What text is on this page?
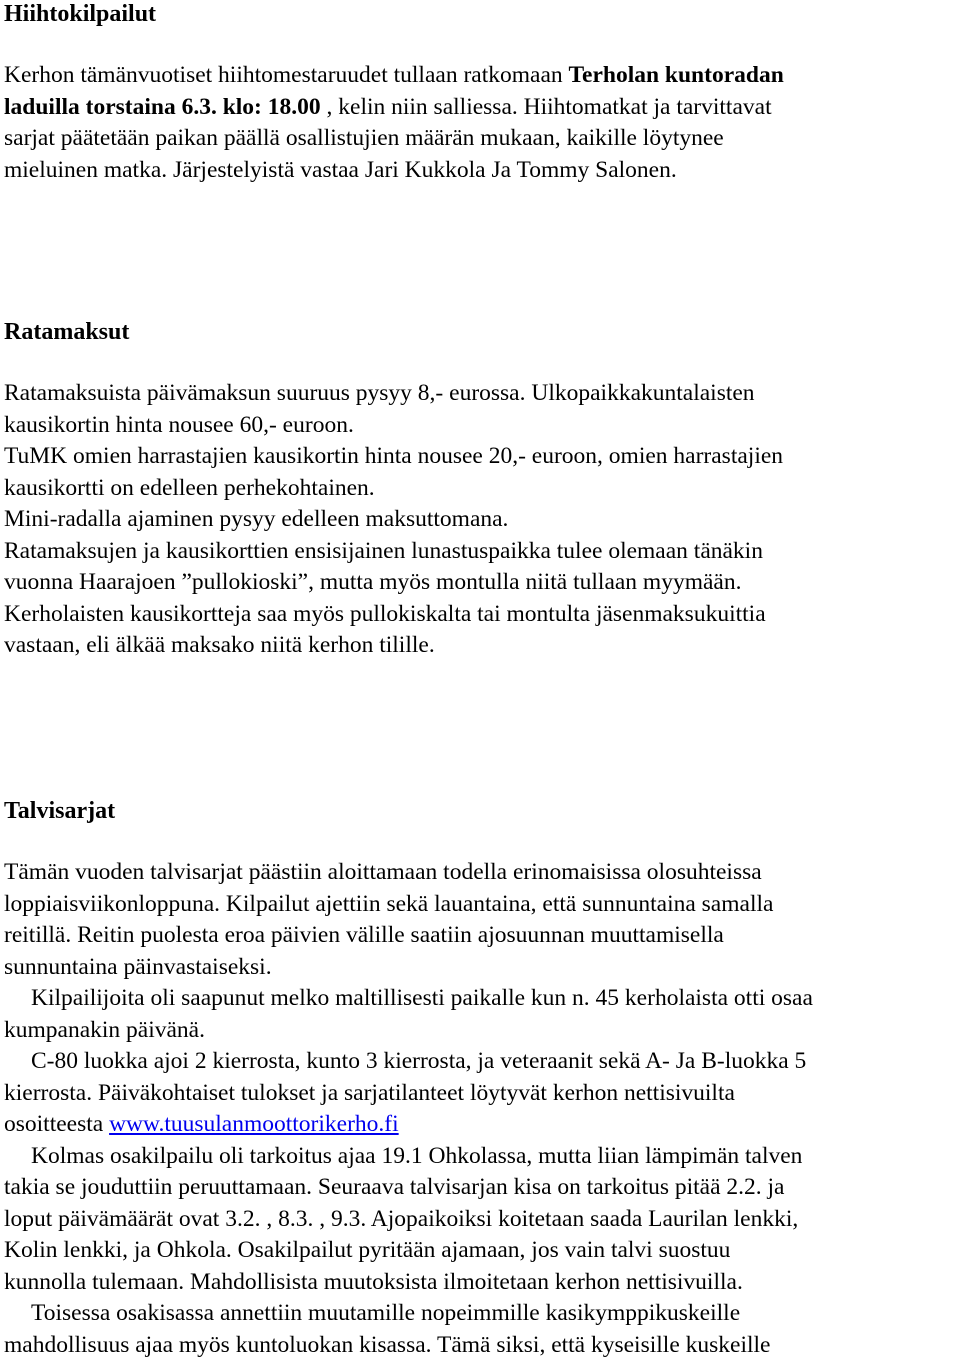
Hiihtokilpailut
Kerhon tämänvuotiset hiihtomestaruudet tullaan ratkomaan Terholan kuntoradan
laduilla torstaina 6.3. klo: 18.00 , kelin niin salliessa. Hiihtomatkat ja tarvittavat
sarjat päätetään paikan päällä osallistujien määrän mukaan, kaikille löytynee
mieluinen matka. Järjestelyistä vastaa Jari Kukkola Ja Tommy Salonen.
Ratamaksut
Ratamaksuista päivämaksun suuruus pysyy 8,- eurossa. Ulkopaikkakuntalaisten
kausikortin hinta nousee 60,- euroon.
TuMK omien harrastajien kausikortin hinta nousee 20,- euroon, omien harrastajien
kausikortti on edelleen perhekohtainen.
Mini-radalla ajaminen pysyy edelleen maksuttomana.
Ratamaksujen ja kausikorttien ensisijainen lunastuspaikka tulee olemaan tänäkin
vuonna Haarajoen ”pullokioski”, mutta myös montulla niitä tullaan myymään.
Kerholaisten kausikortteja saa myös pullokiskalta tai montulta jäsenmaksukuittia
vastaan, eli älkää maksako niitä kerhon tilille.
Talvisarjat
Tämän vuoden talvisarjat päästiin aloittamaan todella erinomaisissa olosuhteissa
loppiaisviikonloppuna. Kilpailut ajettiin sekä lauantaina, että sunnuntaina samalla
reitillä. Reitin puolesta eroa päivien välille saatiin ajosuunnan muuttamisella
sunnuntaina päinvastaiseksi.
Kilpailijoita oli saapunut melko maltillisesti paikalle kun n. 45 kerholaista otti osaa
kumpanakin päivänä.
C-80 luokka ajoi 2 kierrosta, kunto 3 kierrosta, ja veteraanit sekä A- Ja B-luokka 5
kierrosta. Päiväkohtaiset tulokset ja sarjatilanteet löytyvät kerhon nettisivuilta
osoitteesta www.tuusulanmoottorikerho.fi
Kolmas osakilpailu oli tarkoitus ajaa 19.1 Ohkolassa, mutta liian lämpimän talven
takia se jouduttiin peruuttamaan. Seuraava talvisarjan kisa on tarkoitus pitää 2.2. ja
loput päivämäärät ovat 3.2. , 8.3. , 9.3. Ajopaikoiksi koitetaan saada Laurilan lenkki,
Kolin lenkki, ja Ohkola. Osakilpailut pyritään ajamaan, jos vain talvi suostuu
kunnolla tulemaan. Mahdollisista muutoksista ilmoitetaan kerhon nettisivuilla.
Toisessa osakisassa annettiin muutamille nopeimmille kasikymppikuskeille
mahdollisuus ajaa myös kuntoluokan kisassa. Tämä siksi, että kyseisille kuskeille
